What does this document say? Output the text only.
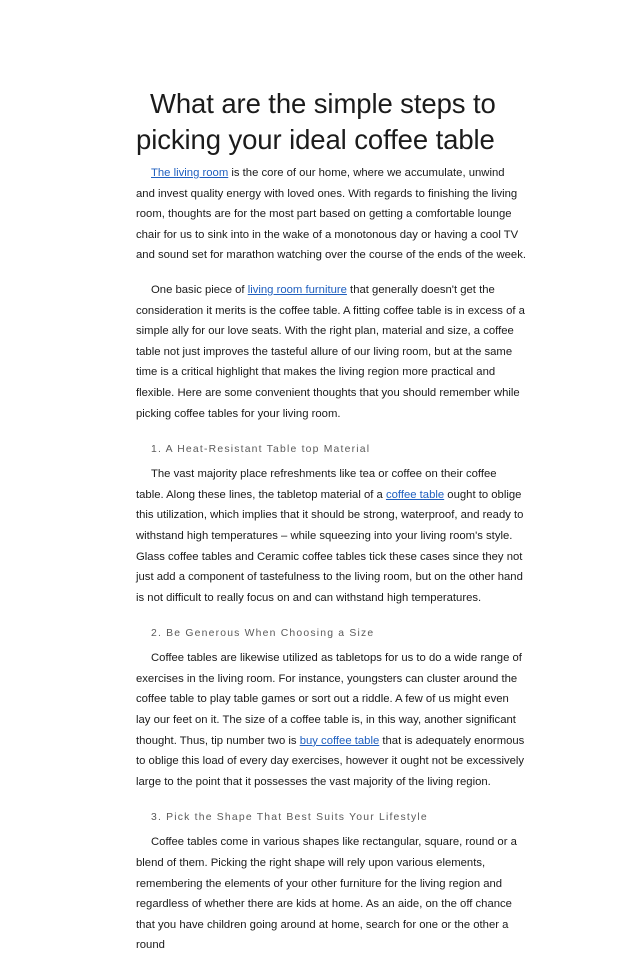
What are the simple steps to
picking your ideal coffee table

The living room is the core of our home, where we accumulate, unwind and invest quality energy with loved ones. With regards to finishing the living room, thoughts are for the most part based on getting a comfortable lounge chair for us to sink into in the wake of a monotonous day or having a cool TV and sound set for marathon watching over the course of the ends of the week.

One basic piece of living room furniture that generally doesn't get the consideration it merits is the coffee table. A fitting coffee table is in excess of a simple ally for our love seats. With the right plan, material and size, a coffee table not just improves the tasteful allure of our living room, but at the same time is a critical highlight that makes the living region more practical and flexible. Here are some convenient thoughts that you should remember while picking coffee tables for your living room.

1. A Heat-Resistant Table top Material

The vast majority place refreshments like tea or coffee on their coffee table. Along these lines, the tabletop material of a coffee table ought to oblige this utilization, which implies that it should be strong, waterproof, and ready to withstand high temperatures – while squeezing into your living room's style. Glass coffee tables and Ceramic coffee tables tick these cases since they not just add a component of tastefulness to the living room, but on the other hand is not difficult to really focus on and can withstand high temperatures.

2. Be Generous When Choosing a Size

Coffee tables are likewise utilized as tabletops for us to do a wide range of exercises in the living room. For instance, youngsters can cluster around the coffee table to play table games or sort out a riddle. A few of us might even lay our feet on it. The size of a coffee table is, in this way, another significant thought. Thus, tip number two is buy coffee table that is adequately enormous to oblige this load of every day exercises, however it ought not be excessively large to the point that it possesses the vast majority of the living region.

3. Pick the Shape That Best Suits Your Lifestyle

Coffee tables come in various shapes like rectangular, square, round or a blend of them. Picking the right shape will rely upon various elements, remembering the elements of your other furniture for the living region and regardless of whether there are kids at home. As an aide, on the off chance that you have children going around at home, search for one or the other a round
